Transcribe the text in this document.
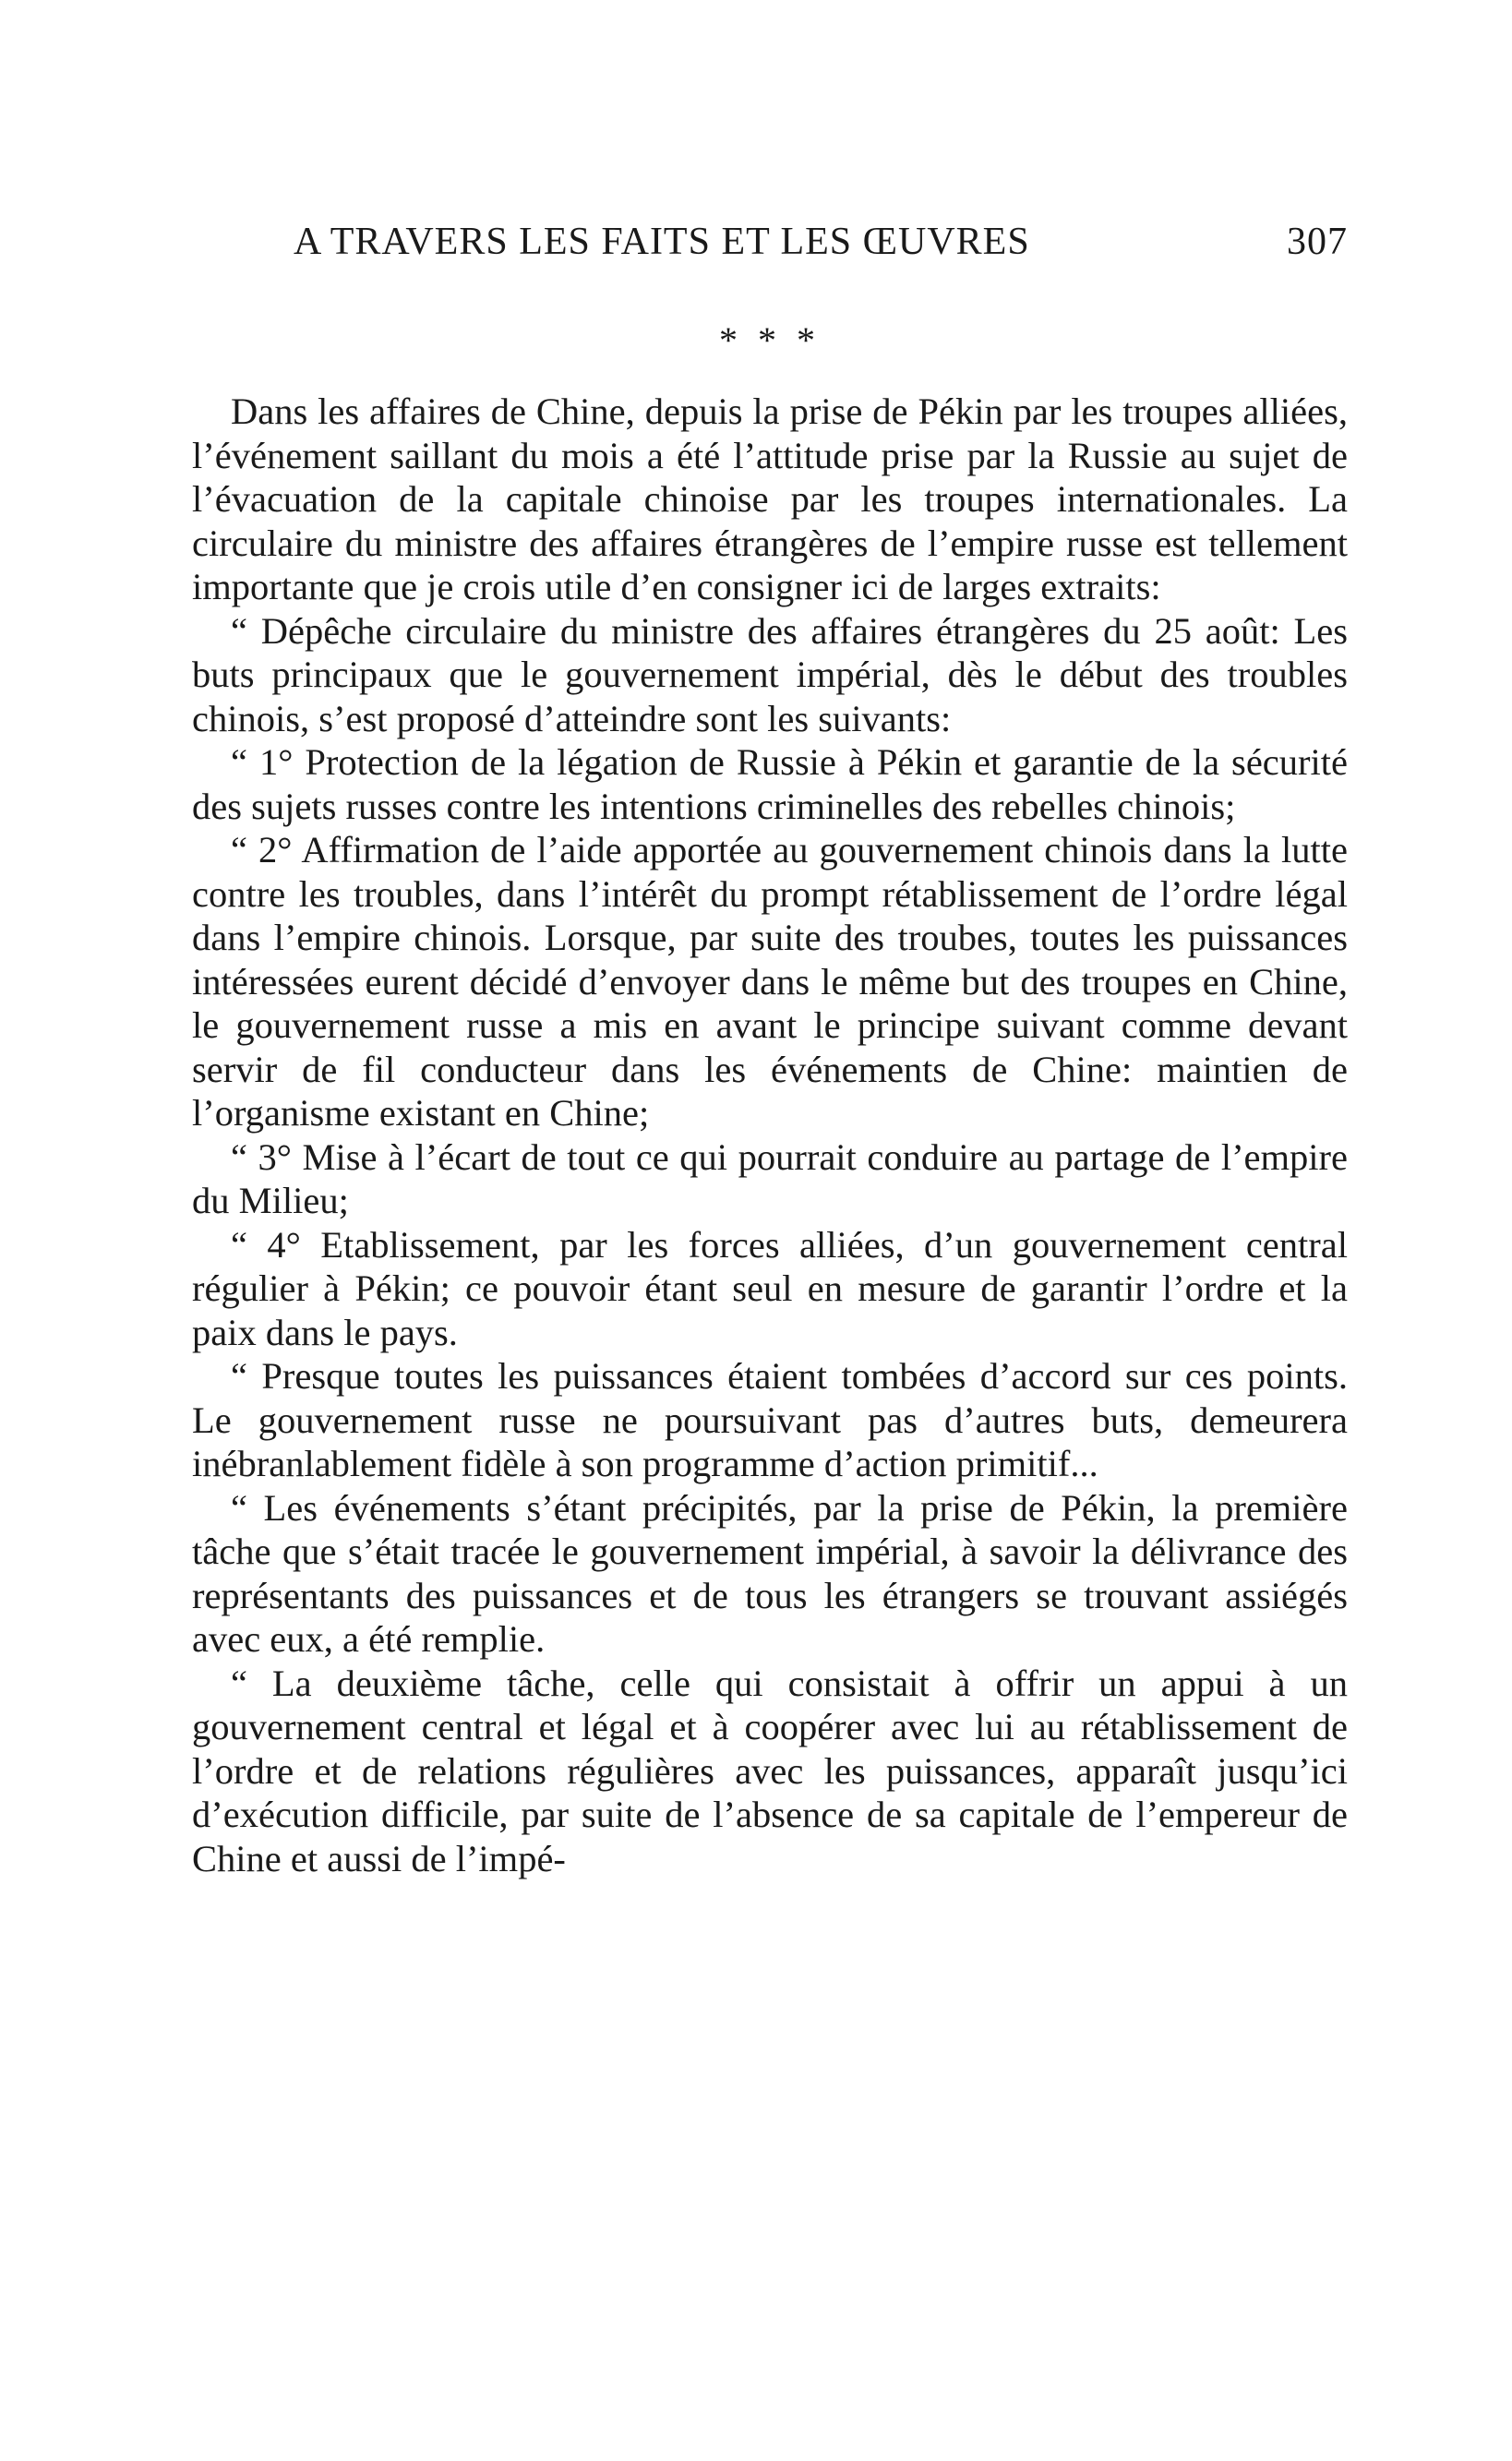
A TRAVERS LES FAITS ET LES ŒUVRES	307
* * *

Dans les affaires de Chine, depuis la prise de Pékin par les troupes alliées, l’événement saillant du mois a été l’attitude prise par la Russie au sujet de l’évacuation de la capitale chinoise par les troupes internationales. La circulaire du ministre des affaires étrangères de l’empire russe est tellement importante que je crois utile d’en consigner ici de larges extraits:

“ Dépêche circulaire du ministre des affaires étrangères du 25 août: Les buts principaux que le gouvernement impérial, dès le début des troubles chinois, s’est proposé d’atteindre sont les suivants:

“ 1° Protection de la légation de Russie à Pékin et garantie de la sécurité des sujets russes contre les intentions criminelles des rebelles chinois;

“ 2° Affirmation de l’aide apportée au gouvernement chinois dans la lutte contre les troubles, dans l’intérêt du prompt rétablissement de l’ordre légal dans l’empire chinois. Lorsque, par suite des troubes, toutes les puissances intéressées eurent décidé d’envoyer dans le même but des troupes en Chine, le gouvernement russe a mis en avant le principe suivant comme devant servir de fil conducteur dans les événements de Chine: maintien de l’organisme existant en Chine;

“ 3° Mise à l’écart de tout ce qui pourrait conduire au partage de l’empire du Milieu;

“ 4° Etablissement, par les forces alliées, d’un gouvernement central régulier à Pékin; ce pouvoir étant seul en mesure de garantir l’ordre et la paix dans le pays.

“ Presque toutes les puissances étaient tombées d’accord sur ces points. Le gouvernement russe ne poursuivant pas d’autres buts, demeurera inébranlablement fidèle à son programme d’action primitif...

“ Les événements s’étant précipités, par la prise de Pékin, la première tâche que s’était tracée le gouvernement impérial, à savoir la délivrance des représentants des puissances et de tous les étrangers se trouvant assiégés avec eux, a été remplie.

“ La deuxième tâche, celle qui consistait à offrir un appui à un gouvernement central et légal et à coopérer avec lui au rétablissement de l’ordre et de relations régulières avec les puissances, apparaît jusqu’ici d’exécution difficile, par suite de l’absence de sa capitale de l’empereur de Chine et aussi de l’impé-
